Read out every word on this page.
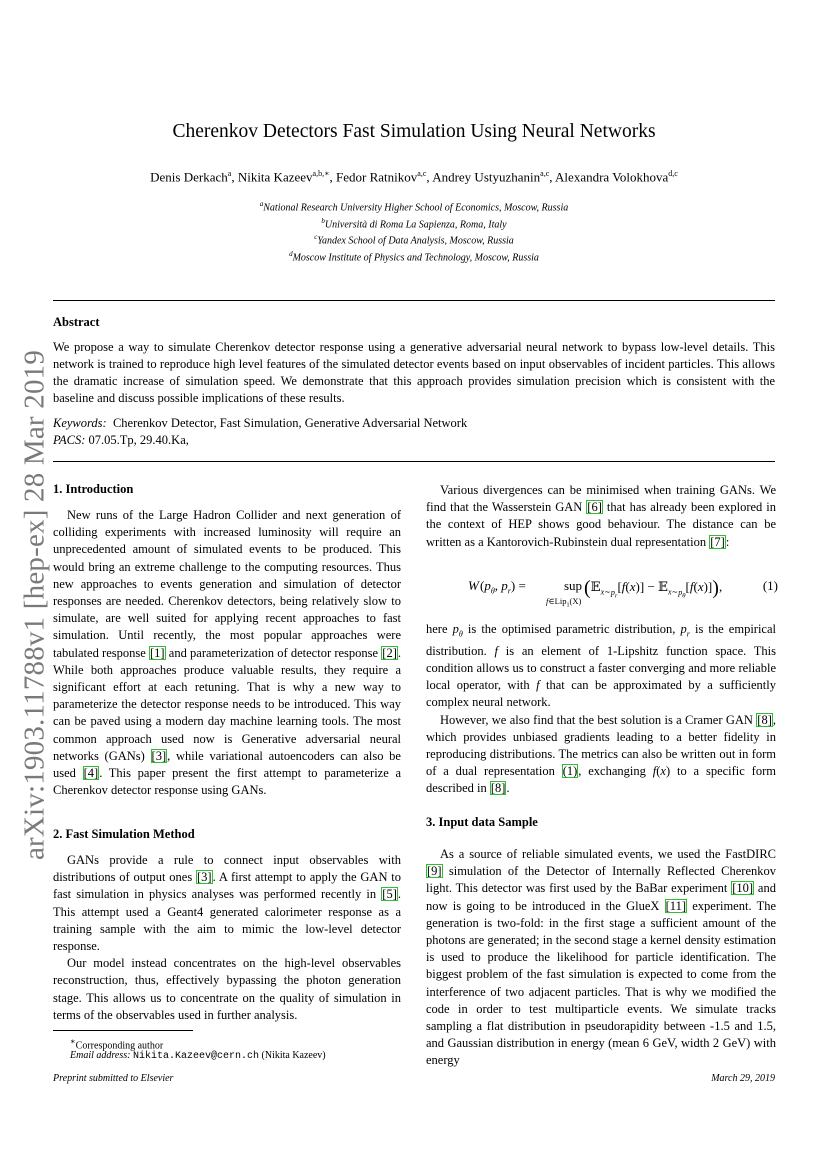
arXiv:1903.11788v1 [hep-ex] 28 Mar 2019
Cherenkov Detectors Fast Simulation Using Neural Networks
Denis Derkach$^a$, Nikita Kazeev$^{a,b,∗}$, Fedor Ratnikov$^{a,c}$, Andrey Ustyuzhanin$^{a,c}$, Alexandra Volokhova$^{d,c}$
$^a$National Research University Higher School of Economics, Moscow, Russia
$^b$Università di Roma La Sapienza, Roma, Italy
$^c$Yandex School of Data Analysis, Moscow, Russia
$^d$Moscow Institute of Physics and Technology, Moscow, Russia
Abstract
We propose a way to simulate Cherenkov detector response using a generative adversarial neural network to bypass low-level details. This network is trained to reproduce high level features of the simulated detector events based on input observables of incident particles. This allows the dramatic increase of simulation speed. We demonstrate that this approach provides simulation precision which is consistent with the baseline and discuss possible implications of these results.
Keywords: Cherenkov Detector, Fast Simulation, Generative Adversarial Network
PACS: 07.05.Tp, 29.40.Ka,
1. Introduction

New runs of the Large Hadron Collider and next generation of colliding experiments with increased luminosity will require an unprecedented amount of simulated events to be produced. This would bring an extreme challenge to the computing resources. Thus new approaches to events generation and simulation of detector responses are needed. Cherenkov detectors, being relatively slow to simulate, are well suited for applying recent approaches to fast simulation. Until recently, the most popular approaches were tabulated response [1] and parameterization of detector response [2]. While both approaches produce valuable results, they require a significant effort at each retuning. That is why a new way to parameterize the detector response needs to be introduced. This way can be paved using a modern day machine learning tools. The most common approach used now is Generative adversarial neural networks (GANs) [3], while variational autoencoders can also be used [4]. This paper present the first attempt to parameterize a Cherenkov detector response using GANs.

2. Fast Simulation Method

GANs provide a rule to connect input observables with distributions of output ones [3]. A first attempt to apply the GAN to fast simulation in physics analyses was performed recently in [5]. This attempt used a Geant4 generated calorimeter response as a training sample with the aim to mimic the low-level detector response.

Our model instead concentrates on the high-level observables reconstruction, thus, effectively bypassing the photon generation stage. This allows us to concentrate on the quality of simulation in terms of the observables used in further analysis.

∗Corresponding author
Email address: Nikita.Kazeev@cern.ch (Nikita Kazeev)

Various divergences can be minimised when training GANs. We find that the Wasserstein GAN [6] that has already been explored in the context of HEP shows good behaviour. The distance can be written as a Kantorovich-Rubinstein dual representation [7]:

W ($p_\theta$, $p_r$) =	sup
f∈Lip$_1$(X)
(𝔼$_{x\sim p_r}$[f(x)] − 𝔼$_{x\sim p_\theta}$[f(x)]),	(1)

here $p_\theta$ is the optimised parametric distribution, $p_r$ is the empirical distribution. f is an element of 1-Lipshitz function space. This condition allows us to construct a faster converging and more reliable local operator, with f that can be approximated by a sufficiently complex neural network.

However, we also find that the best solution is a Cramer GAN [8], which provides unbiased gradients leading to a better fidelity in reproducing distributions. The metrics can also be written out in form of a dual representation (1), exchanging f(x) to a specific form described in [8].

3. Input data Sample

As a source of reliable simulated events, we used the FastDIRC [9] simulation of the Detector of Internally Reflected Cherenkov light. This detector was first used by the BaBar experiment [10] and now is going to be introduced in the GlueX [11] experiment. The generation is two-fold: in the first stage a sufficient amount of the photons are generated; in the second stage a kernel density estimation is used to produce the likelihood for particle identification. The biggest problem of the fast simulation is expected to come from the interference of two adjacent particles. That is why we modified the code in order to test multiparticle events. We simulate tracks sampling a flat distribution in pseudorapidity between -1.5 and 1.5, and Gaussian distribution in energy (mean 6 GeV, width 2 GeV) with energy

Preprint submitted to Elsevier	March 29, 2019
